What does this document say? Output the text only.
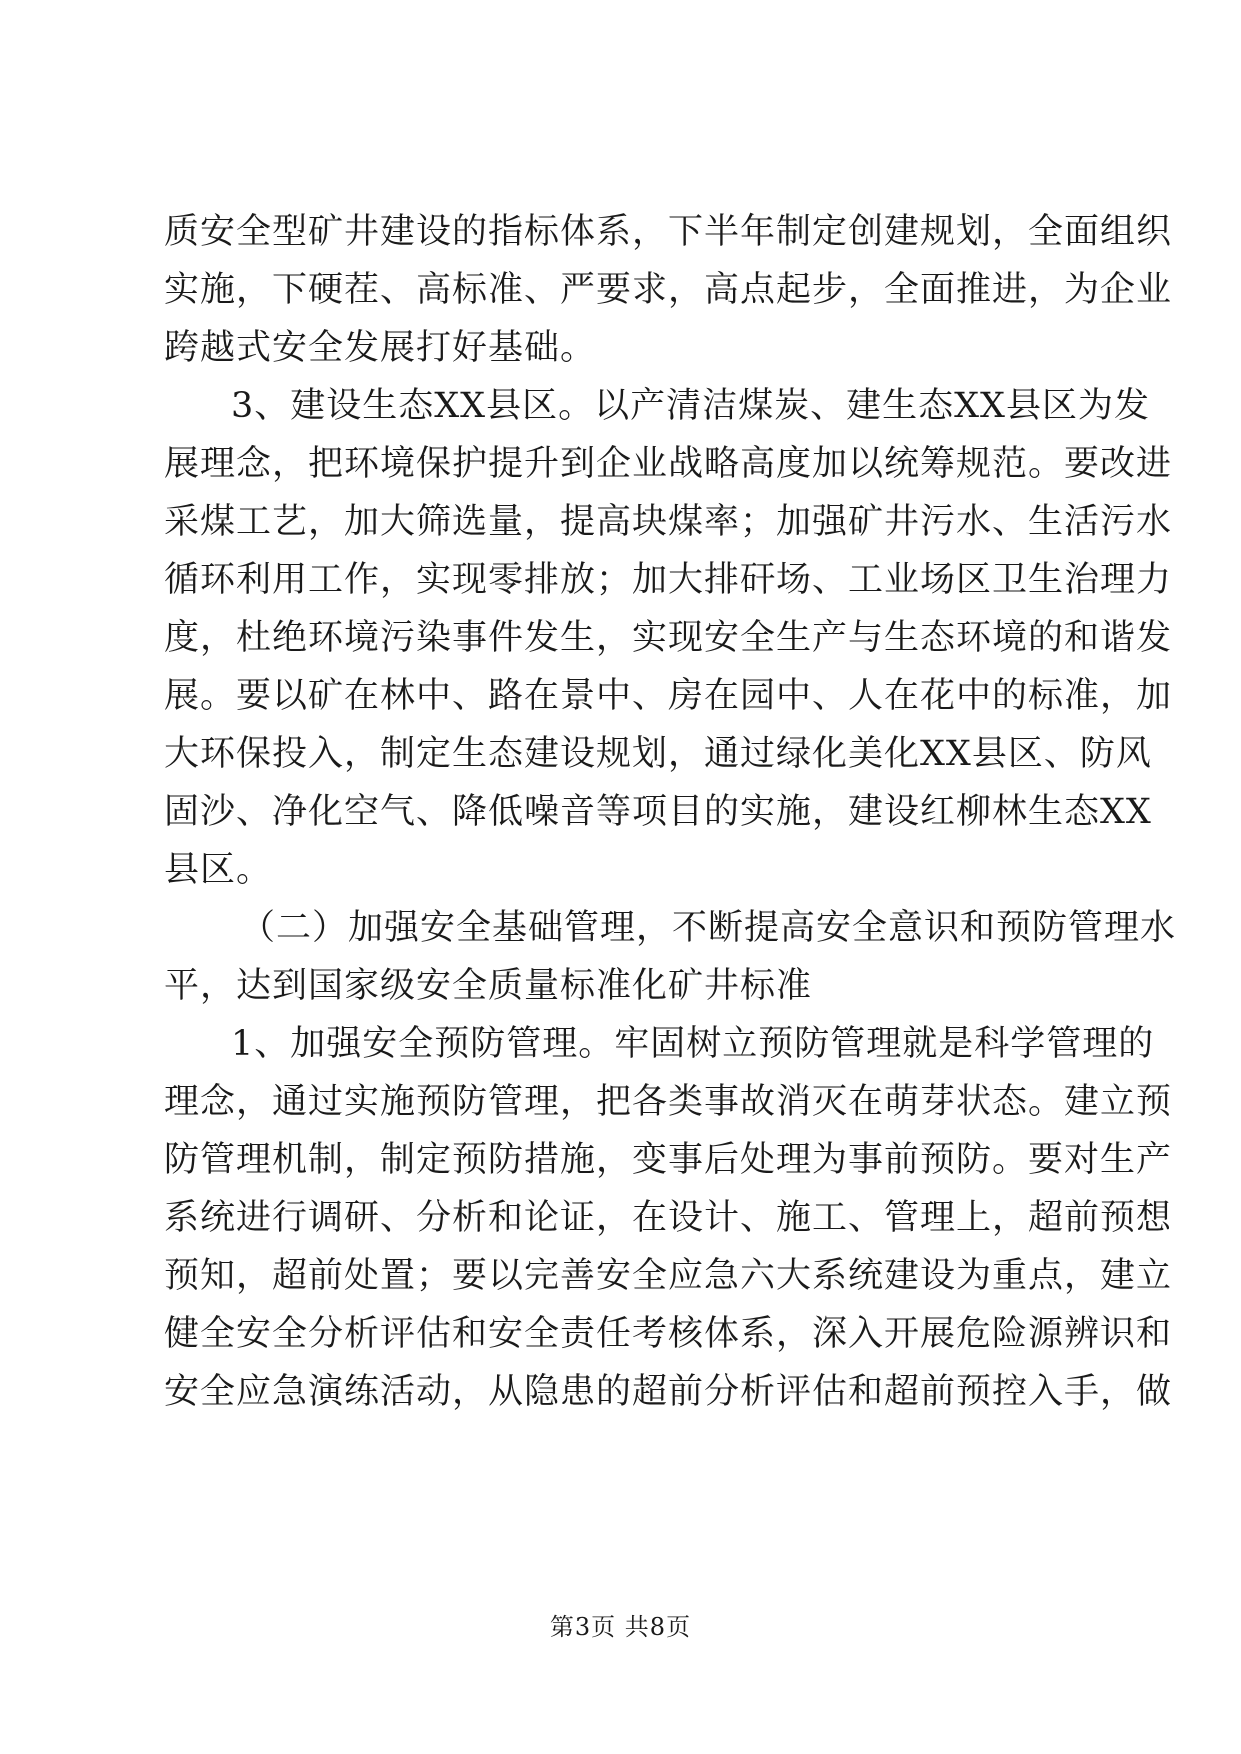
质安全型矿井建设的指标体系，下半年制定创建规划，全面组织
实施，下硬茬、高标准、严要求，高点起步，全面推进，为企业
跨越式安全发展打好基础。
3、建设生态XX县区。以产清洁煤炭、建生态XX县区为发
展理念，把环境保护提升到企业战略高度加以统筹规范。要改进
采煤工艺，加大筛选量，提高块煤率；加强矿井污水、生活污水
循环利用工作，实现零排放；加大排矸场、工业场区卫生治理力
度，杜绝环境污染事件发生，实现安全生产与生态环境的和谐发
展。要以矿在林中、路在景中、房在园中、人在花中的标准，加
大环保投入，制定生态建设规划，通过绿化美化XX县区、防风
固沙、净化空气、降低噪音等项目的实施，建设红柳林生态XX
县区。
（二）加强安全基础管理，不断提高安全意识和预防管理水
平，达到国家级安全质量标准化矿井标准
1、加强安全预防管理。牢固树立预防管理就是科学管理的
理念，通过实施预防管理，把各类事故消灭在萌芽状态。建立预
防管理机制，制定预防措施，变事后处理为事前预防。要对生产
系统进行调研、分析和论证，在设计、施工、管理上，超前预想
预知，超前处置；要以完善安全应急六大系统建设为重点，建立
健全安全分析评估和安全责任考核体系，深入开展危险源辨识和
安全应急演练活动，从隐患的超前分析评估和超前预控入手，做
第3页 共8页
